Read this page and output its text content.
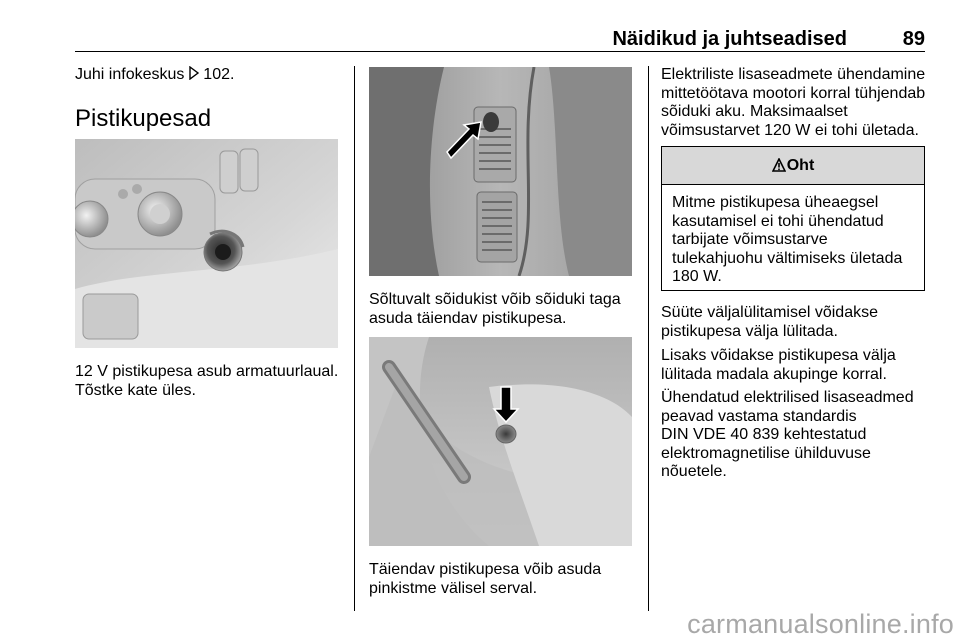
Näidikud ja juhtseadised	89
Juhi infokeskus 102.
Pistikupesad
12 V pistikupesa asub armatuurlaual.
Tõstke kate üles.
Sõltuvalt sõidukist võib sõiduki taga
asuda täiendav pistikupesa.
Täiendav pistikupesa võib asuda
pinkistme välisel serval.
Elektriliste lisaseadmete ühendamine
mittetöötava mootori korral tühjendab
sõiduki aku. Maksimaalset
võimsustarvet 120 W ei tohi ületada.
Oht
Mitme pistikupesa üheaegsel
kasutamisel ei tohi ühendatud
tarbijate võimsustarve
tulekahjuohu vältimiseks ületada
180 W.
Süüte väljalülitamisel võidakse
pistikupesa välja lülitada.
Lisaks võidakse pistikupesa välja
lülitada madala akupinge korral.
Ühendatud elektrilised lisaseadmed
peavad vastama standardis
DIN VDE 40 839 kehtestatud
elektromagnetilise ühilduvuse
nõuetele.
carmanualsonline.info
